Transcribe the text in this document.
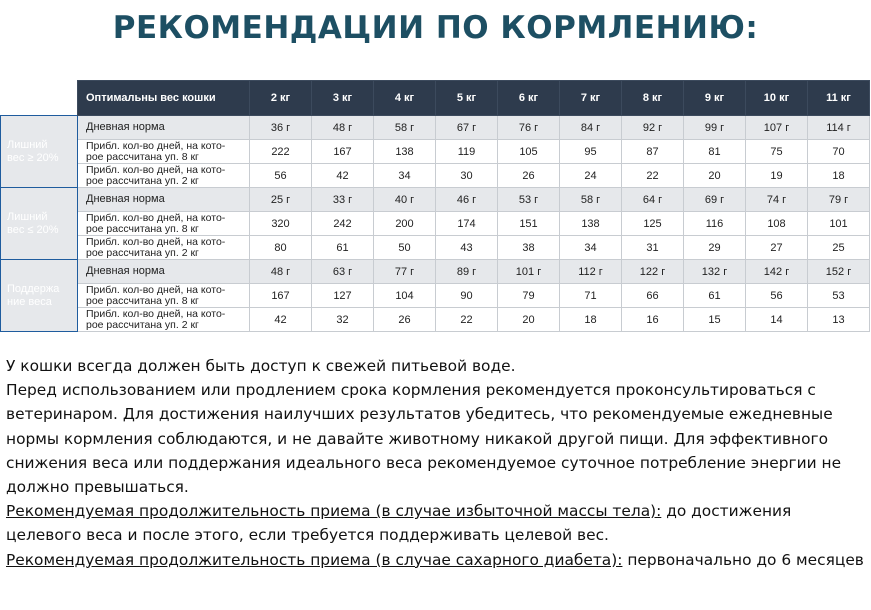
РЕКОМЕНДАЦИИ ПО КОРМЛЕНИЮ:
	Оптимальны вес кошки	2 кг	3 кг	4 кг	5 кг	6 кг	7 кг	8 кг	9 кг	10 кг	11 кг
Лишний
вес ≥ 20%	Дневная норма	36 г	48 г	58 г	67 г	76 г	84 г	92 г	99 г	107 г	114 г
	Прибл. кол-во дней, на кото-
рое рассчитана уп. 8 кг	222	167	138	119	105	95	87	81	75	70
	Прибл. кол-во дней, на кото-
рое рассчитана уп. 2 кг	56	42	34	30	26	24	22	20	19	18
Лишний
вес ≤ 20%	Дневная норма	25 г	33 г	40 г	46 г	53 г	58 г	64 г	69 г	74 г	79 г
	Прибл. кол-во дней, на кото-
рое рассчитана уп. 8 кг	320	242	200	174	151	138	125	116	108	101
	Прибл. кол-во дней, на кото-
рое рассчитана уп. 2 кг	80	61	50	43	38	34	31	29	27	25
Поддержа
ние веса	Дневная норма	48 г	63 г	77 г	89 г	101 г	112 г	122 г	132 г	142 г	152 г
	Прибл. кол-во дней, на кото-
рое рассчитана уп. 8 кг	167	127	104	90	79	71	66	61	56	53
	Прибл. кол-во дней, на кото-
рое рассчитана уп. 2 кг	42	32	26	22	20	18	16	15	14	13

У кошки всегда должен быть доступ к свежей питьевой воде.

Перед использованием или продлением срока кормления рекомендуется проконсультироваться с ветеринаром. Для достижения наилучших результатов убедитесь, что рекомендуемые ежедневные нормы кормления соблюдаются, и не давайте животному никакой другой пищи. Для эффективного снижения веса или поддержания идеального веса рекомендуемое суточное потребление энергии не должно превышаться.

Рекомендуемая продолжительность приема (в случае избыточной массы тела): до достижения целевого веса и после этого, если требуется поддерживать целевой вес.

Рекомендуемая продолжительность приема (в случае сахарного диабета): первоначально до 6 месяцев
